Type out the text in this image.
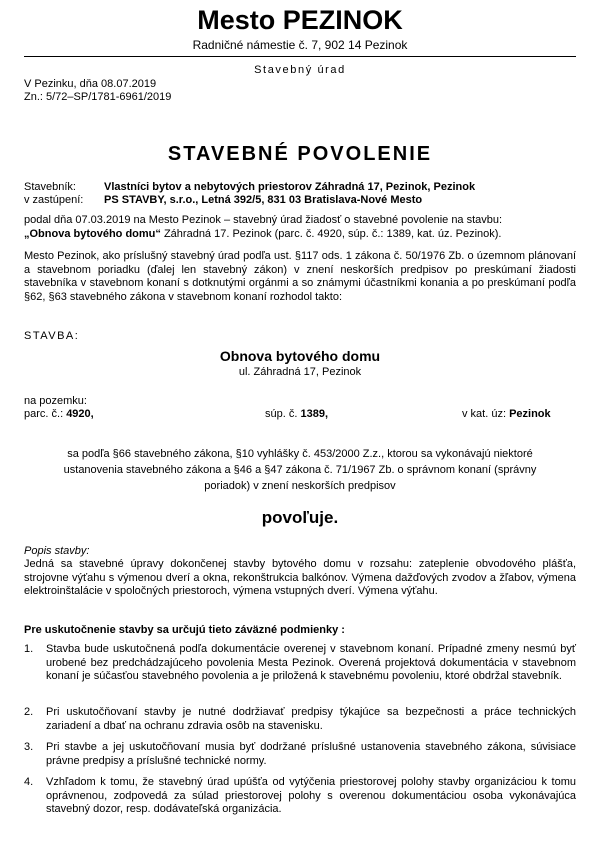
Mesto PEZINOK
Radničné námestie č. 7, 902 14 Pezinok
Stavebný úrad
V Pezinku, dňa 08.07.2019
Zn.: 5/72–SP/1781-6961/2019
STAVEBNÉ POVOLENIE
Stavebník:	Vlastníci bytov a nebytových priestorov Záhradná 17, Pezinok, Pezinok
v zastúpení:	PS STAVBY, s.r.o., Letná 392/5, 831 03 Bratislava-Nové Mesto

podal dňa 07.03.2019 na Mesto Pezinok – stavebný úrad žiadosť o stavebné povolenie na stavbu:

„Obnova bytového domu“ Záhradná 17. Pezinok (parc. č. 4920, súp. č.: 1389, kat. úz. Pezinok).

Mesto Pezinok, ako príslušný stavebný úrad podľa ust. §117 ods. 1 zákona č. 50/1976 Zb. o územnom plánovaní a stavebnom poriadku (ďalej len stavebný zákon) v znení neskorších predpisov po preskúmaní žiadosti stavebníka v stavebnom konaní s dotknutými orgánmi a so známymi účastníkmi konania a po preskúmaní podľa §62, §63 stavebného zákona v stavebnom konaní rozhodol takto:
STAVBA:
Obnova bytového domu
ul. Záhradná 17, Pezinok
na pozemku:
parc. č.: 4920,	súp. č. 1389,	v kat. úz: Pezinok
sa podľa §66 stavebného zákona, §10 vyhlášky č. 453/2000 Z.z., ktorou sa vykonávajú niektoré ustanovenia stavebného zákona a §46 a §47 zákona č. 71/1967 Zb. o správnom konaní (správny poriadok) v znení neskorších predpisov
povoľuje.
Popis stavby:
Jedná sa stavebné úpravy dokončenej stavby bytového domu v rozsahu: zateplenie obvodového plášťa, strojovne výťahu s výmenou dverí a okna, rekonštrukcia balkónov. Výmena dažďových zvodov a žľabov, výmena elektroinštalácie v spoločných priestoroch, výmena vstupných dverí. Výmena výťahu.
Pre uskutočnenie stavby sa určujú tieto záväzné podmienky :
1.	Stavba bude uskutočnená podľa dokumentácie overenej v stavebnom konaní. Prípadné zmeny nesmú byť urobené bez predchádzajúceho povolenia Mesta Pezinok. Overená projektová dokumentácia v stavebnom konaní je súčasťou stavebného povolenia a je priložená k stavebnému povoleniu, ktoré obdržal stavebník.
2.	Pri uskutočňovaní stavby je nutné dodržiavať predpisy týkajúce sa bezpečnosti a práce technických zariadení a dbať na ochranu zdravia osôb na stavenisku.
3.	Pri stavbe a jej uskutočňovaní musia byť dodržané príslušné ustanovenia stavebného zákona, súvisiace právne predpisy a príslušné technické normy.
4.	Vzhľadom k tomu, že stavebný úrad upúšťa od vytýčenia priestorovej polohy stavby organizáciou k tomu oprávnenou, zodpovedá za súlad priestorovej polohy s overenou dokumentáciou osoba vykonávajúca stavebný dozor, resp. dodávateľská organizácia.
